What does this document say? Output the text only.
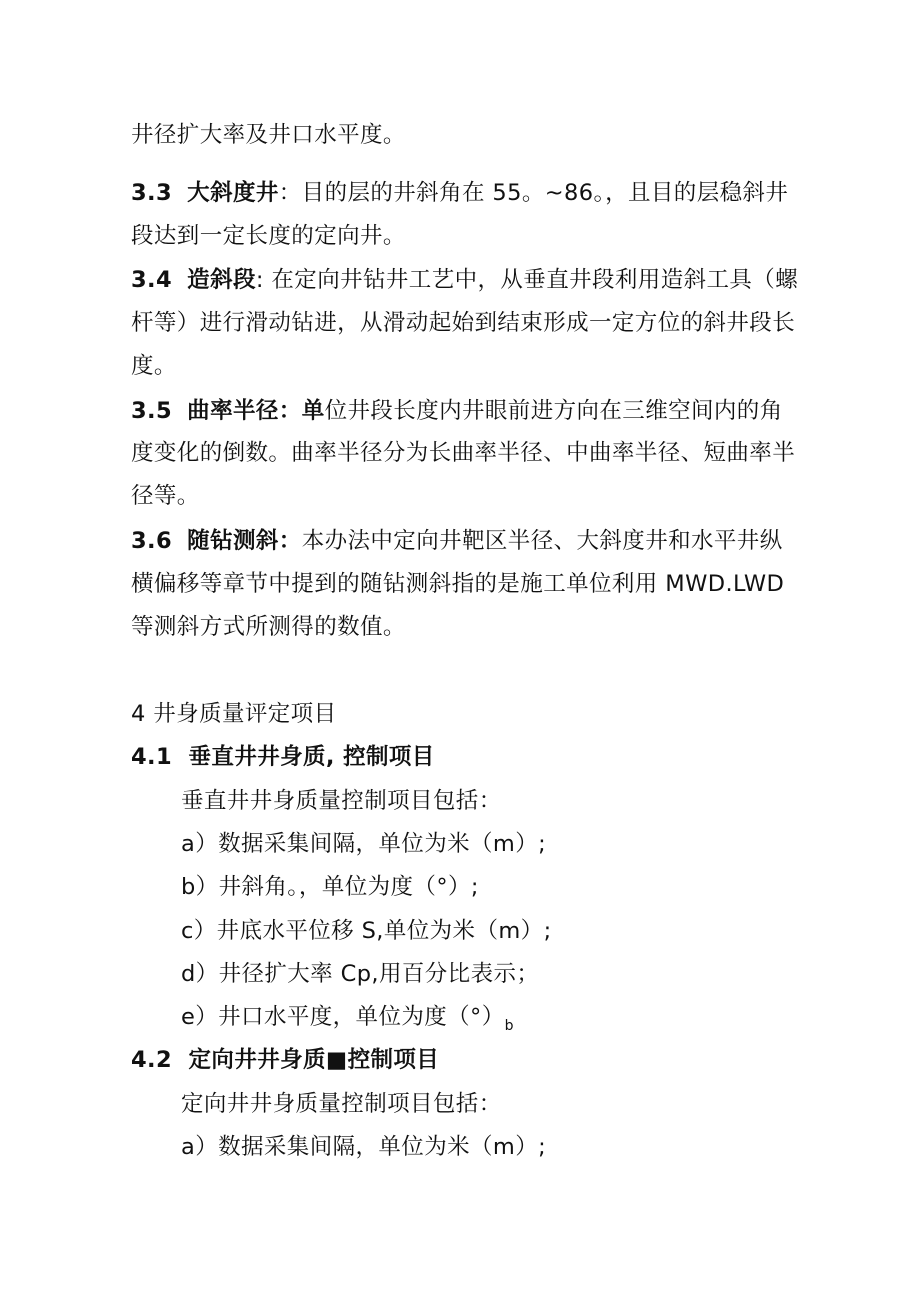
井径扩大率及井口水平度。
3.3 大斜度井：目的层的井斜角在 55。~86。，且目的层稳斜井
段达到一定长度的定向井。
3.4 造斜段: 在定向井钻井工艺中，从垂直井段利用造斜工具（螺
杆等）进行滑动钻进，从滑动起始到结束形成一定方位的斜井段长
度。
3.5 曲率半径：单位井段长度内井眼前进方向在三维空间内的角
度变化的倒数。曲率半径分为长曲率半径、中曲率半径、短曲率半
径等。
3.6 随钻测斜：本办法中定向井靶区半径、大斜度井和水平井纵
横偏移等章节中提到的随钻测斜指的是施工单位利用 MWD.LWD
等测斜方式所测得的数值。
4 井身质量评定项目
4.1 垂直井井身质, 控制项目
垂直井井身质量控制项目包括：
a）数据采集间隔，单位为米（m）;
b）井斜角。，单位为度（°）;
c）井底水平位移 S,单位为米（m）;
d）井径扩大率 Cp,用百分比表示；
e）井口水平度，单位为度$(^\circ)_b$
4.2 定向井井身质■控制项目
定向井井身质量控制项目包括：
a）数据采集间隔，单位为米（m）;
